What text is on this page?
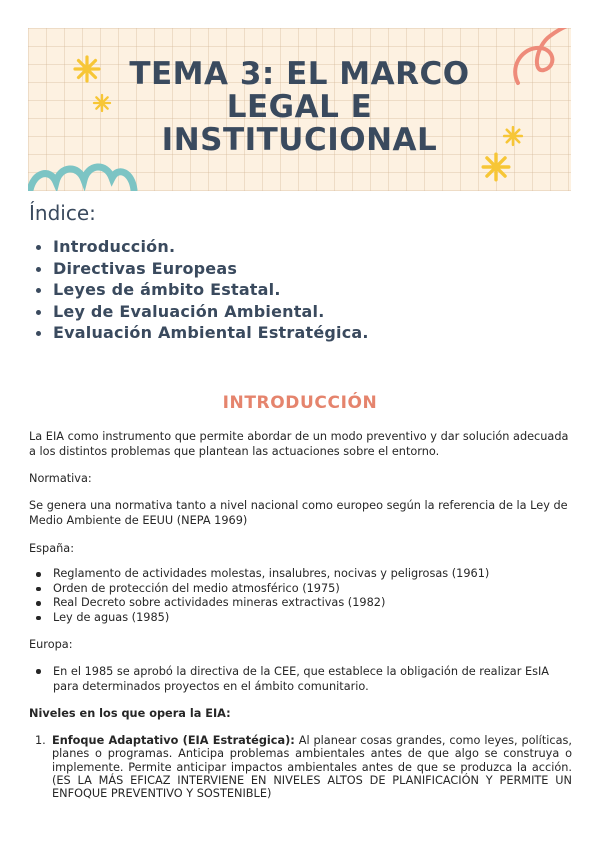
TEMA 3: EL MARCO
LEGAL E
INSTITUCIONAL
Índice:
Introducción.
Directivas Europeas
Leyes de ámbito Estatal.
Ley de Evaluación Ambiental.
Evaluación Ambiental Estratégica.
INTRODUCCIÓN

La EIA como instrumento que permite abordar de un modo preventivo y dar solución adecuada a los distintos problemas que plantean las actuaciones sobre el entorno.

Normativa:

Se genera una normativa tanto a nivel nacional como europeo según la referencia de la Ley de Medio Ambiente de EEUU (NEPA 1969)

España:

Reglamento de actividades molestas, insalubres, nocivas y peligrosas (1961)
Orden de protección del medio atmosférico (1975)
Real Decreto sobre actividades mineras extractivas (1982)
Ley de aguas (1985)

Europa:

En el 1985 se aprobó la directiva de la CEE, que establece la obligación de realizar EsIA para determinados proyectos en el ámbito comunitario.

Niveles en los que opera la EIA:

1. Enfoque Adaptativo (EIA Estratégica): Al planear cosas grandes, como leyes, políticas, planes o programas. Anticipa problemas ambientales antes de que algo se construya o implemente. Permite anticipar impactos ambientales antes de que se produzca la acción. (ES LA MÁS EFICAZ INTERVIENE EN NIVELES ALTOS DE PLANIFICACIÓN Y PERMITE UN ENFOQUE PREVENTIVO Y SOSTENIBLE)
